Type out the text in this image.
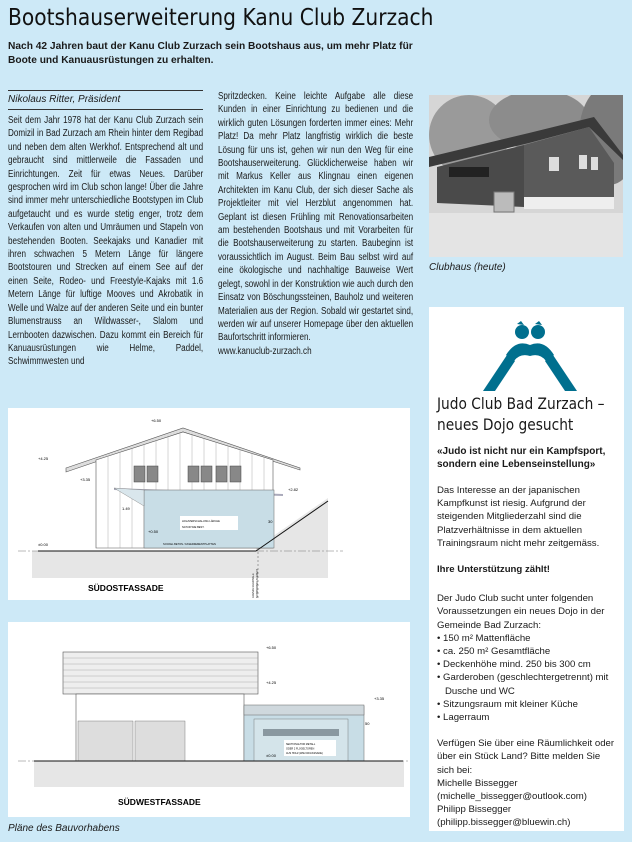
Bootshauserweiterung Kanu Club Zurzach
Nach 42 Jahren baut der Kanu Club Zurzach sein Bootshaus aus, um mehr Platz für Boote und Kanuausrüstungen zu erhalten.
Nikolaus Ritter, Präsident
Seit dem Jahr 1978 hat der Kanu Club Zurzach sein Domizil in Bad Zurzach am Rhein hinter dem Regibad und neben dem alten Werkhof. Entsprechend alt und gebraucht sind mittlerweile die Fassaden und Einrichtungen. Zeit für etwas Neues. Darüber gesprochen wird im Club schon lange! Über die Jahre sind immer mehr unterschiedliche Bootstypen im Club aufgetaucht und es wurde stetig enger, trotz dem Verkaufen von alten und Umräumen und Stapeln von bestehenden Booten. Seekajaks und Kanadier mit ihren schwachen 5 Metern Länge für längere Bootstouren und Strecken auf einem See auf der einen Seite, Rodeo- und Freestyle-Kajaks mit 1.6 Metern Länge für luftige Mooves und Akrobatik in Welle und Walze auf der anderen Seite und ein bunter Blumenstrauss an Wildwasser-, Slalom und Lernbooten dazwischen. Dazu kommt ein Bereich für Kanuausrüstungen wie Helme, Paddel, Schwimmwesten und
Spritzdecken. Keine leichte Aufgabe alle diese Kunden in einer Einrichtung zu bedienen und die wirklich guten Lösungen forderten immer eines: Mehr Platz! Da mehr Platz langfristig wirklich die beste Lösung für uns ist, gehen wir nun den Weg für eine Bootshauserweiterung. Glücklicherweise haben wir mit Markus Keller aus Klingnau einen eigenen Architekten im Kanu Club, der sich dieser Sache als Projektleiter mit viel Herzblut angenommen hat. Geplant ist diesen Frühling mit Renovationsarbeiten am bestehenden Bootshaus und mit Vorarbeiten für die Bootshauserweiterung zu starten. Baubeginn ist voraussichtlich im August. Beim Bau selbst wird auf eine ökologische und nachhaltige Bauweise Wert gelegt, sowohl in der Konstruktion wie auch durch den Einsatz von Böschungssteinen, Bauholz und weiteren Materialien aus der Region. Sobald wir gestartet sind, werden wir auf unserer Homepage über den aktuellen Baufortschritt informieren.
www.kanuclub-zurzach.ch
Clubhaus (heute)
+6.50
+4.25
+3.35
+2.82
±0.00
+0.50
1.49
30
HOLZVERSCHALUNG LÄRCHE
NATUR WIE BEST.
SOCKEL BETON / FASERZEMENTPLATTEN
GRENZE REGIONALE SCHWIMMBAD ZURZACH
SÜDOSTFASSADE
+6.50
+4.25
+3.35
±0.00
50
SEKTIONALTOR METALL
ODER 2 FLÜGELTOREN
AUS HOLZ (WIE NW-FASSADE)
SÜDWESTFASSADE
Pläne des Bauvorhabens
Judo Club Bad Zurzach – neues Dojo gesucht
«Judo ist nicht nur ein Kampfsport, sondern eine Lebenseinstellung»

Das Interesse an der japanischen Kampfkunst ist riesig. Aufgrund der steigenden Mitgliederzahl sind die Platzverhältnisse in dem aktuellen Trainingsraum nicht mehr zeitgemäss.

Ihre Unterstützung zählt!

Der Judo Club sucht unter folgenden Voraussetzungen ein neues Dojo in der Gemeinde Bad Zurzach:

• 150 m² Mattenfläche
• ca. 250 m² Gesamtfläche
• Deckenhöhe mind. 250 bis 300 cm
• Garderoben (geschlechtergetrennt) mit Dusche und WC
• Sitzungsraum mit kleiner Küche
• Lagerraum

Verfügen Sie über eine Räumlichkeit oder über ein Stück Land? Bitte melden Sie sich bei:
Michelle Bissegger
(michelle_bissegger@outlook.com)
Philipp Bissegger
(philipp.bissegger@bluewin.ch)
